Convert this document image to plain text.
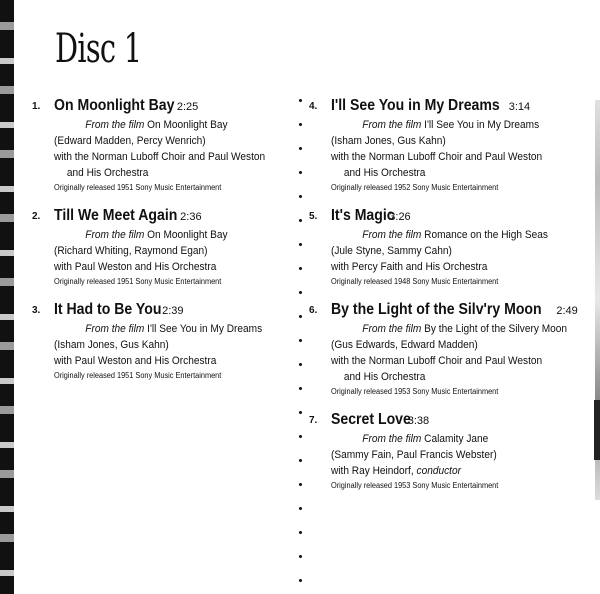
Disc 1
1. On Moonlight Bay 2:25
From the film On Moonlight Bay
(Edward Madden, Percy Wenrich)
with the Norman Luboff Choir and Paul Weston
and His Orchestra
Originally released 1951 Sony Music Entertainment
2. Till We Meet Again 2:36
From the film On Moonlight Bay
(Richard Whiting, Raymond Egan)
with Paul Weston and His Orchestra
Originally released 1951 Sony Music Entertainment
3. It Had to Be You2:39
From the film I'll See You in My Dreams
(Isham Jones, Gus Kahn)
with Paul Weston and His Orchestra
Originally released 1951 Sony Music Entertainment
4. I'll See You in My Dreams 3:14
From the film I'll See You in My Dreams
(Isham Jones, Gus Kahn)
with the Norman Luboff Choir and Paul Weston
and His Orchestra
Originally released 1952 Sony Music Entertainment
5. It's Magic3:26
From the film Romance on the High Seas
(Jule Styne, Sammy Cahn)
with Percy Faith and His Orchestra
Originally released 1948 Sony Music Entertainment
6. By the Light of the Silv'ry Moon 2:49
From the film By the Light of the Silvery Moon
(Gus Edwards, Edward Madden)
with the Norman Luboff Choir and Paul Weston
and His Orchestra
Originally released 1953 Sony Music Entertainment
7. Secret Love3:38
From the film Calamity Jane
(Sammy Fain, Paul Francis Webster)
with Ray Heindorf, conductor
Originally released 1953 Sony Music Entertainment
